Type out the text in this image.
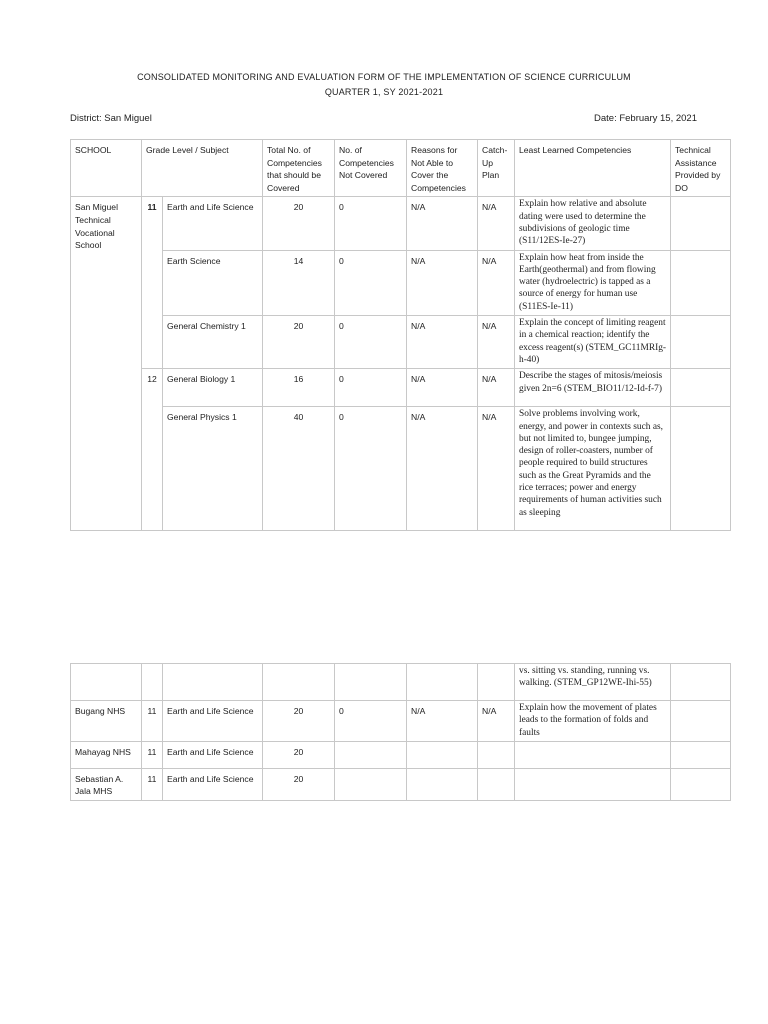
CONSOLIDATED MONITORING AND EVALUATION FORM OF THE IMPLEMENTATION OF SCIENCE CURRICULUM
QUARTER 1, SY 2021-2021
District: San Miguel	Date: February 15, 2021
SCHOOL	Grade Level / Subject		Total No. of Competencies that should be Covered	No. of Competencies Not Covered	Reasons for Not Able to Cover the Competencies	Catch-Up Plan	Least Learned Competencies	Technical Assistance Provided by DO
San Miguel Technical Vocational School	11	Earth and Life Science	20	0	N/A	N/A	Explain how relative and absolute dating were used to determine the subdivisions of geologic time (S11/12ES-Ie-27)	
		Earth Science	14	0	N/A	N/A	Explain how heat from inside the Earth(geothermal) and from flowing water (hydroelectric) is tapped as a source of energy for human use (S11ES-Ie-11)	
		General Chemistry 1	20	0	N/A	N/A	Explain the concept of limiting reagent in a chemical reaction; identify the excess reagent(s) (STEM_GC11MRIg-h-40)	
	12	General Biology 1	16	0	N/A	N/A	Describe the stages of mitosis/meiosis given 2n=6 (STEM_BIO11/12-Id-f-7)	
		General Physics 1	40	0	N/A	N/A	Solve problems involving work, energy, and power in contexts such as, but not limited to, bungee jumping, design of roller-coasters, number of people required to build structures such as the Great Pyramids and the rice terraces; power and energy requirements of human activities such as sleeping	
							vs. sitting vs. standing, running vs. walking. (STEM_GP12WE-Ihi-55)	
Bugang NHS	11	Earth and Life Science	20	0	N/A	N/A	Explain how the movement of plates leads to the formation of folds and faults	
Mahayag NHS	11	Earth and Life Science	20					
Sebastian A. Jala MHS	11	Earth and Life Science	20					
